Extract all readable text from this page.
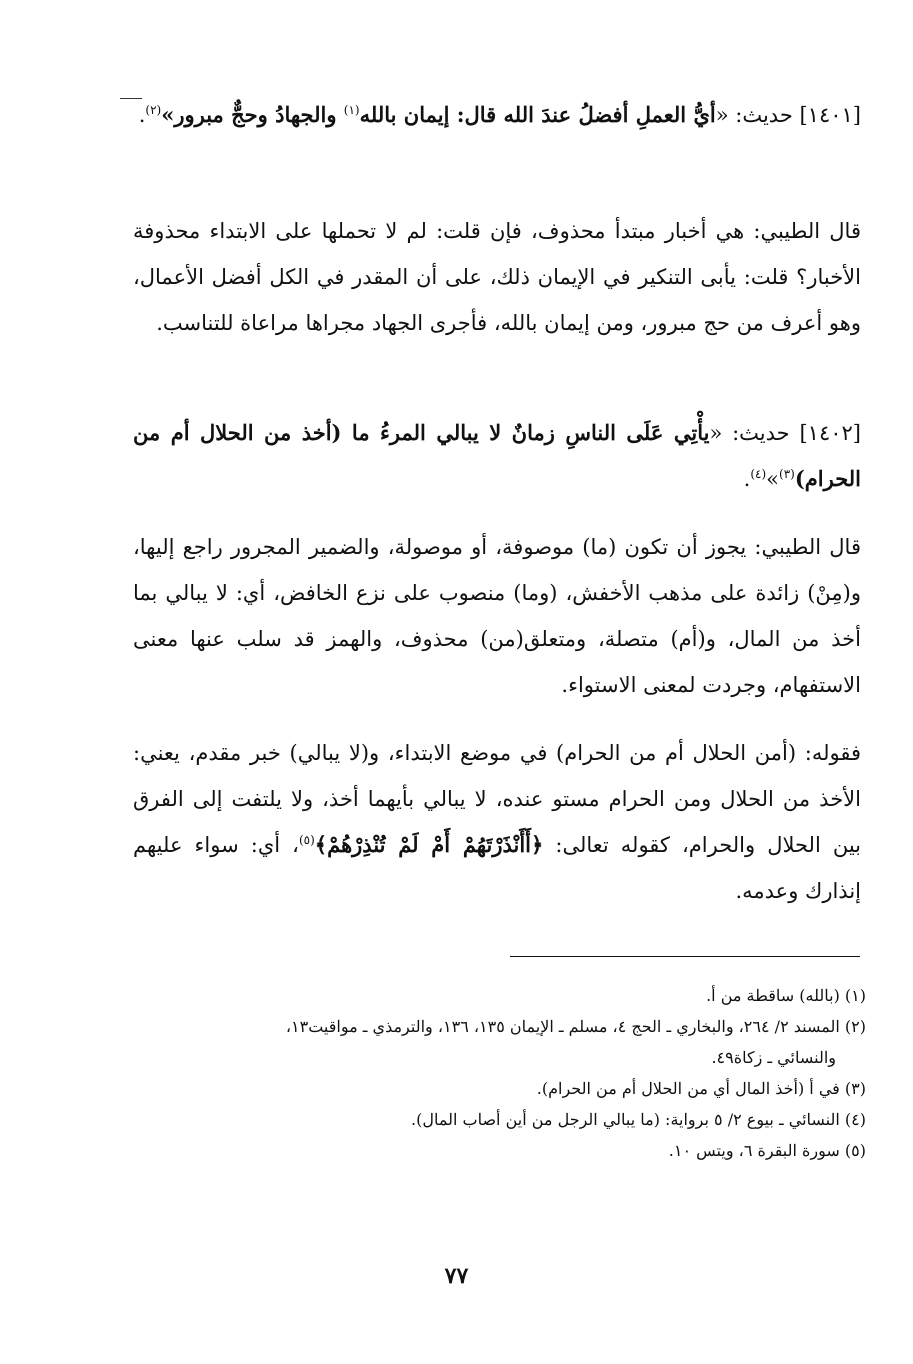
[١٤٠١] حديث: «أيُّ العملِ أفضلُ عندَ الله قال: إيمان بالله$^{(١)}$ والجهادُ وحجٌّ مبرور»$^{(٢)}$.
قال الطيبي: هي أخبار مبتدأ محذوف، فإن قلت: لم لا تحملها على الابتداء محذوفة الأخبار؟ قلت: يأبى التنكير في الإيمان ذلك، على أن المقدر في الكل أفضل الأعمال، وهو أعرف من حج مبرور، ومن إيمان بالله، فأجرى الجهاد مجراها مراعاة للتناسب.
[١٤٠٢] حديث: «يأْتِي عَلَى الناسِ زمانٌ لا يبالي المرءُ ما (أخذ من الحلال أم من الحرام)$^{(٣)}$»$^{(٤)}$.
قال الطيبي: يجوز أن تكون (ما) موصوفة، أو موصولة، والضمير المجرور راجع إليها، و(مِنْ) زائدة على مذهب الأخفش، (وما) منصوب على نزع الخافض، أي: لا يبالي بما أخذ من المال، و(أم) متصلة، ومتعلق(من) محذوف، والهمز قد سلب عنها معنى الاستفهام، وجردت لمعنى الاستواء.
فقوله: (أمن الحلال أم من الحرام) في موضع الابتداء، و(لا يبالي) خبر مقدم، يعني: الأخذ من الحلال ومن الحرام مستو عنده، لا يبالي بأيهما أخذ، ولا يلتفت إلى الفرق بين الحلال والحرام، كقوله تعالى: ﴿أَأَنْذَرْتَهُمْ أَمْ لَمْ تُنْذِرْهُمْ﴾$^{(٥)}$، أي: سواء عليهم إنذارك وعدمه.

(١) (بالله) ساقطة من أ.

(٢) المسند ٢/ ٢٦٤، والبخاري ـ الحج ٤، مسلم ـ الإيمان ١٣٥، ١٣٦، والترمذي ـ مواقيت١٣،
والنسائي ـ زكاة٤٩.

(٣) في أ (أخذ المال أي من الحلال أم من الحرام).

(٤) النسائي ـ بيوع ٢/ ٥ برواية: (ما يبالي الرجل من أين أصاب المال).

(٥) سورة البقرة ٦، ويتس ١٠.

٧٧
